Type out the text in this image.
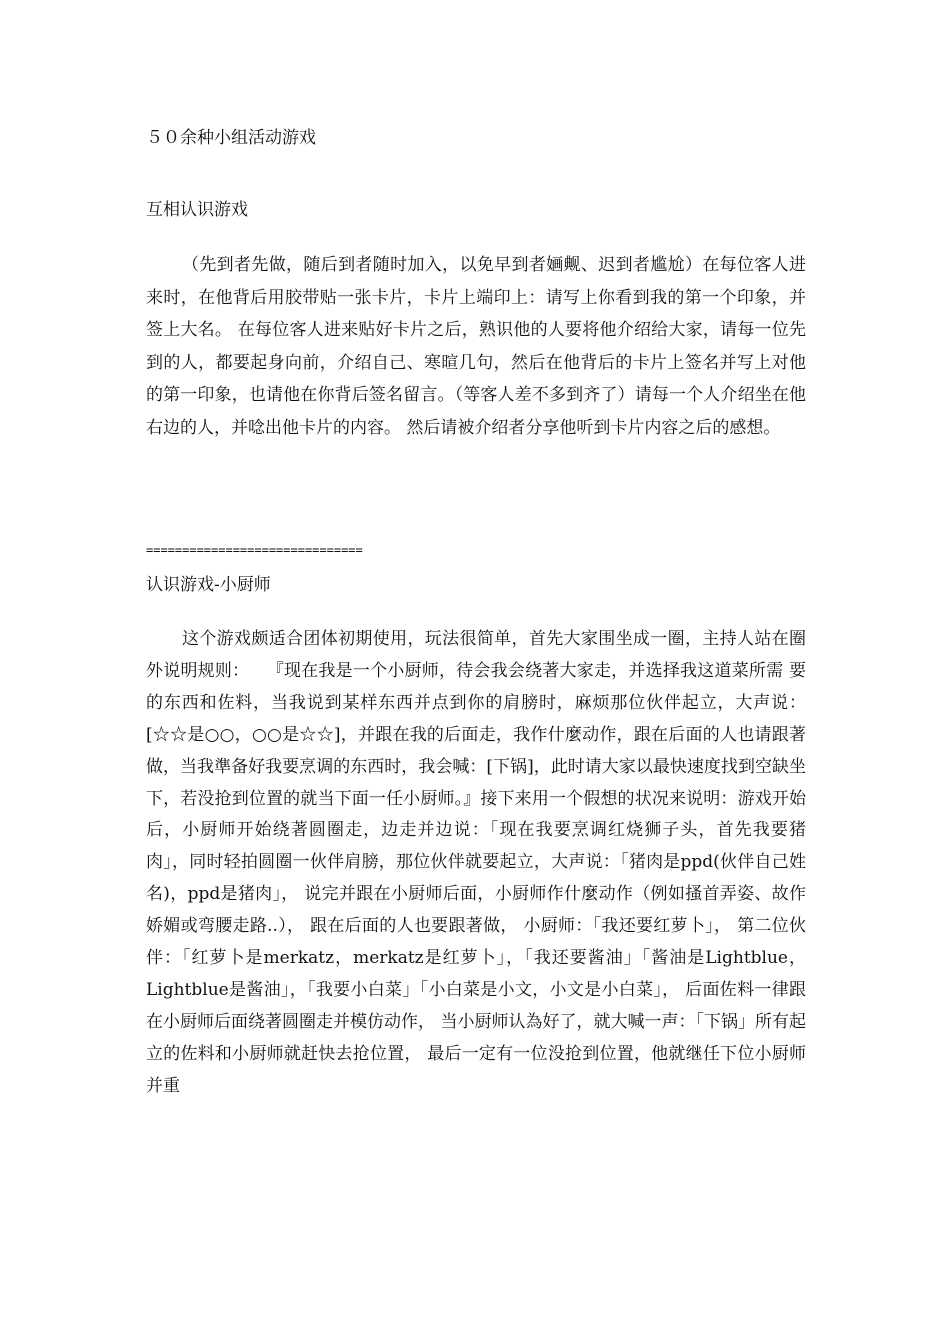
５０余种小组活动游戏
互相认识游戏

（先到者先做，随后到者随时加入，以免早到者婳觍、迟到者尴尬）在每位客人进来时，在他背后用胶带贴一张卡片，卡片上端印上：请写上你看到我的第一个印象，并签上大名。 在每位客人进来贴好卡片之后，熟识他的人要将他介绍给大家，请每一位先到的人，都要起身向前，介绍自己、寒暄几句，然后在他背后的卡片上签名并写上对他的第一印象，也请他在你背后签名留言。（等客人差不多到齐了）请每一个人介绍坐在他右边的人，并唸出他卡片的内容。 然后请被介绍者分享他听到卡片内容之后的感想。

==============================
认识游戏-小厨师

这个游戏颇适合团体初期使用，玩法很简单，首先大家围坐成一圈，主持人站在圈外说明规则：　　『现在我是一个小厨师，待会我会绕著大家走，并选择我这道菜所需 要的东西和佐料，当我说到某样东西并点到你的肩膀时，麻烦那位伙伴起立，大声说：[☆☆是○○，○○是☆☆]，并跟在我的后面走，我作什麼动作，跟在后面的人也请跟著做，当我準备好我要烹调的东西时，我会喊：[下锅]，此时请大家以最快速度找到空缺坐下，若没抢到位置的就当下面一任小厨师。』接下来用一个假想的状况来说明：游戏开始后，小厨师开始绕著圆圈走，边走并边说：「现在我要烹调红烧狮子头，首先我要猪肉」，同时轻拍圆圈一伙伴肩膀，那位伙伴就要起立，大声说：「猪肉是ppd(伙伴自己姓名)，ppd是猪肉」， 说完并跟在小厨师后面，小厨师作什麼动作（例如搔首弄姿、故作娇媚或弯腰走路..）， 跟在后面的人也要跟著做， 小厨师：「我还要红萝卜」， 第二位伙伴：「红萝卜是merkatz，merkatz是红萝卜」，「我还要酱油」「酱油是Lightblue，Lightblue是酱油」，「我要小白菜」「小白菜是小文，小文是小白菜」， 后面佐料一律跟在小厨师后面绕著圆圈走并模仿动作， 当小厨师认為好了，就大喊一声：「下锅」所有起立的佐料和小厨师就赶快去抢位置， 最后一定有一位没抢到位置，他就继任下位小厨师并重
